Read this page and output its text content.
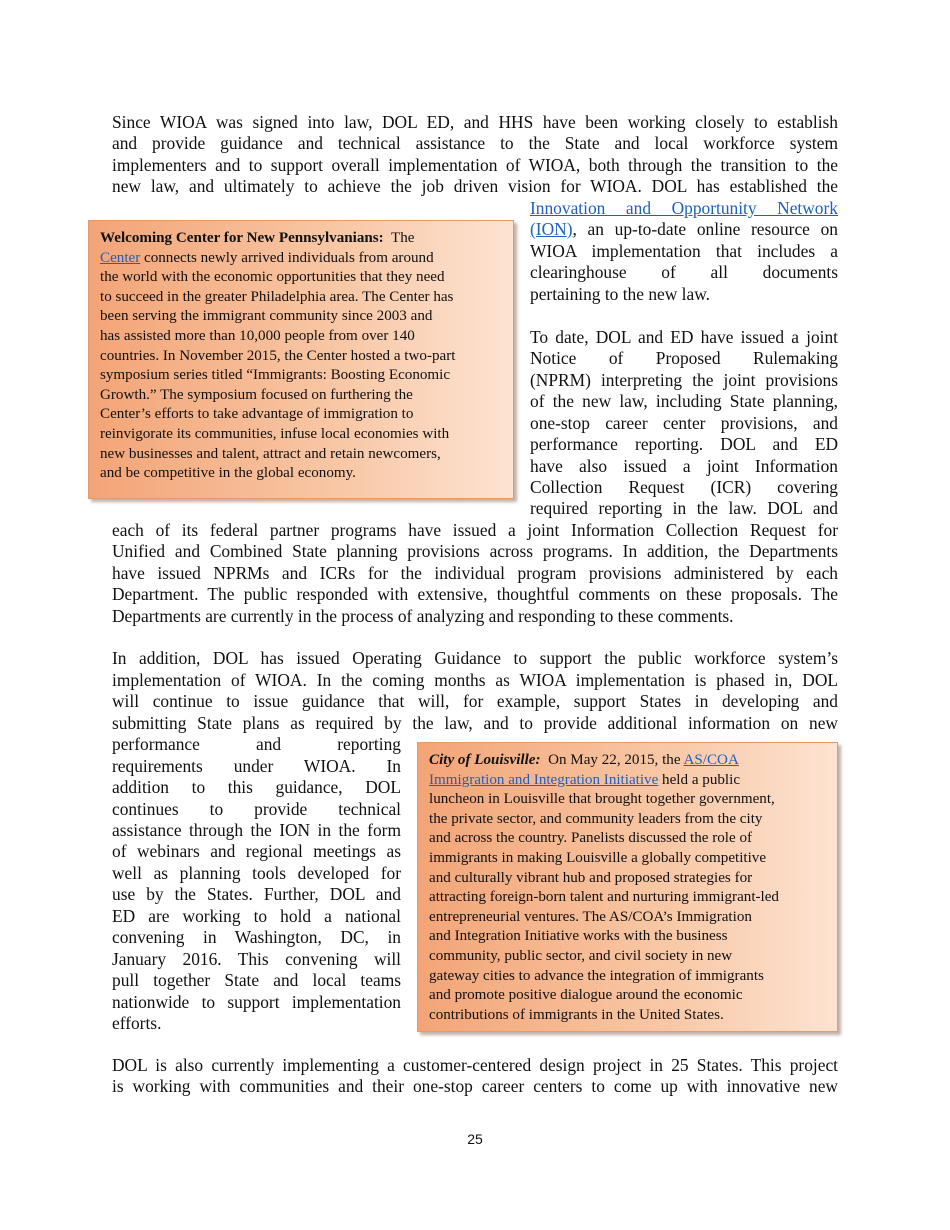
Since WIOA was signed into law, DOL ED, and HHS have been working closely to establish

and provide guidance and technical assistance to the State and local workforce system

implementers and to support overall implementation of WIOA, both through the transition to the

new law, and ultimately to achieve the job driven vision for WIOA. DOL has established the

Innovation and Opportunity Network

(ION), an up-to-date online resource on

WIOA implementation that includes a

clearinghouse of all documents

pertaining to the new law.

Welcoming Center for New Pennsylvanians: The
Center connects newly arrived individuals from around
the world with the economic opportunities that they need
to succeed in the greater Philadelphia area. The Center has
been serving the immigrant community since 2003 and
has assisted more than 10,000 people from over 140
countries. In November 2015, the Center hosted a two-part
symposium series titled “Immigrants: Boosting Economic
Growth.” The symposium focused on furthering the
Center’s efforts to take advantage of immigration to
reinvigorate its communities, infuse local economies with
new businesses and talent, attract and retain newcomers,
and be competitive in the global economy.

To date, DOL and ED have issued a joint

Notice of Proposed Rulemaking

(NPRM) interpreting the joint provisions

of the new law, including State planning,

one-stop career center provisions, and

performance reporting. DOL and ED

have also issued a joint Information

Collection Request (ICR) covering

required reporting in the law. DOL and

each of its federal partner programs have issued a joint Information Collection Request for

Unified and Combined State planning provisions across programs. In addition, the Departments

have issued NPRMs and ICRs for the individual program provisions administered by each

Department. The public responded with extensive, thoughtful comments on these proposals. The

Departments are currently in the process of analyzing and responding to these comments.

In addition, DOL has issued Operating Guidance to support the public workforce system’s

implementation of WIOA. In the coming months as WIOA implementation is phased in, DOL

will continue to issue guidance that will, for example, support States in developing and

submitting State plans as required by the law, and to provide additional information on new

performance and reporting

requirements under WIOA. In

addition to this guidance, DOL

continues to provide technical

assistance through the ION in the form

of webinars and regional meetings as

well as planning tools developed for

use by the States. Further, DOL and

ED are working to hold a national

convening in Washington, DC, in

January 2016. This convening will

pull together State and local teams

nationwide to support implementation

efforts.

City of Louisville: On May 22, 2015, the AS/COA
Immigration and Integration Initiative held a public
luncheon in Louisville that brought together government,
the private sector, and community leaders from the city
and across the country. Panelists discussed the role of
immigrants in making Louisville a globally competitive
and culturally vibrant hub and proposed strategies for
attracting foreign-born talent and nurturing immigrant-led
entrepreneurial ventures. The AS/COA’s Immigration
and Integration Initiative works with the business
community, public sector, and civil society in new
gateway cities to advance the integration of immigrants
and promote positive dialogue around the economic
contributions of immigrants in the United States.

DOL is also currently implementing a customer-centered design project in 25 States. This project

is working with communities and their one-stop career centers to come up with innovative new

25
